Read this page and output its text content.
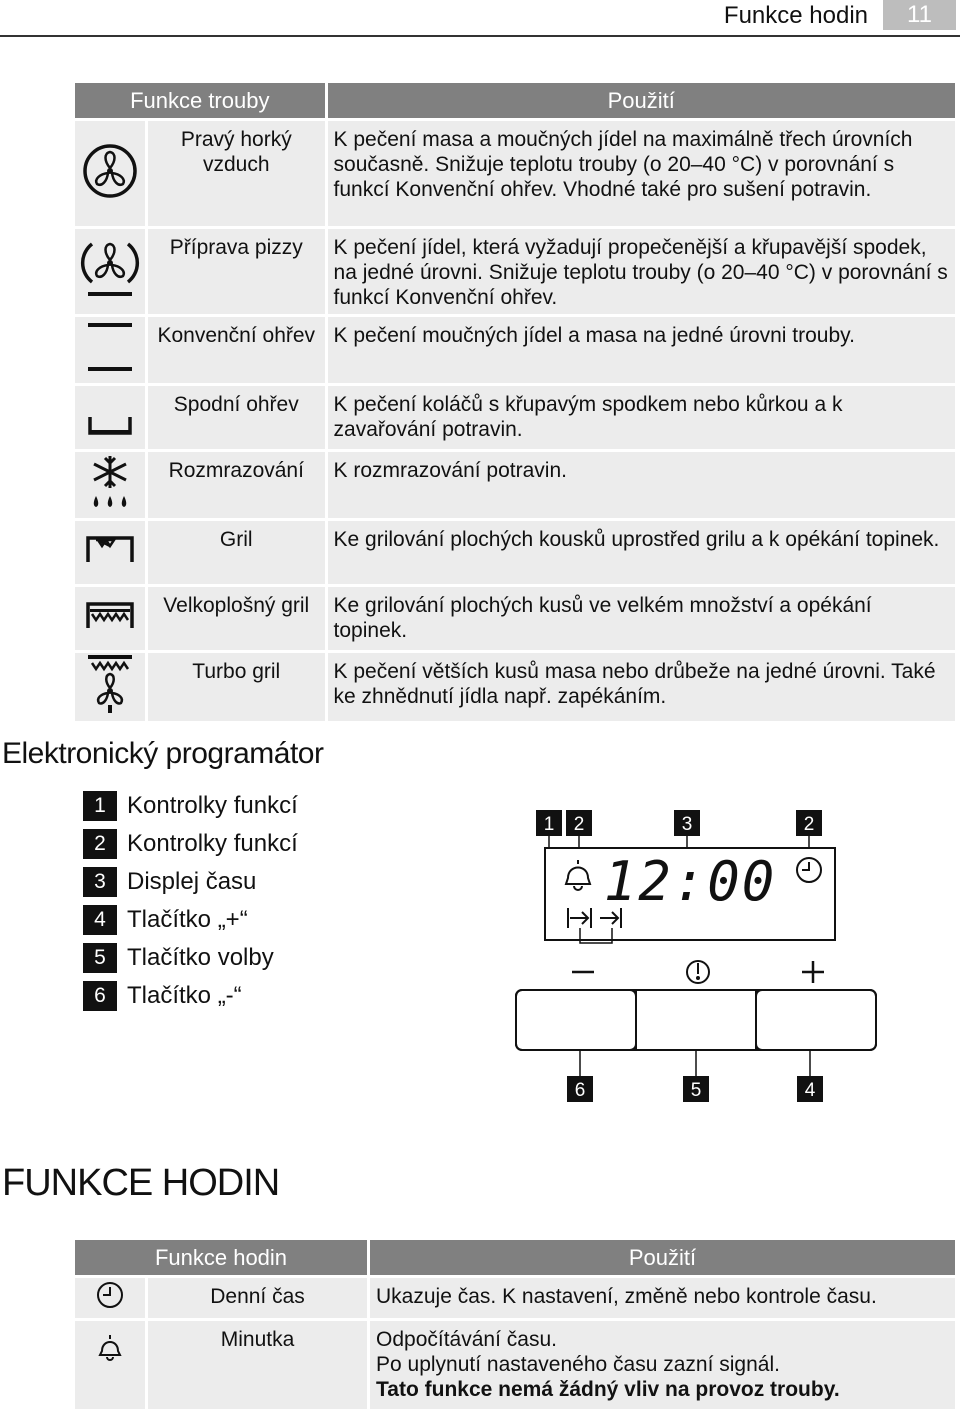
Funkce hodin	11
Funkce trouby		Použití
	Pravý horký vzduch	K pečení masa a moučných jídel na maximálně třech úrovních současně. Snižuje teplotu trouby (o 20–40 °C) v porovnání s funkcí Konvenční ohřev. Vhodné také pro sušení potravin.
	Příprava pizzy	K pečení jídel, která vyžadují propečenější a křupavější spodek, na jedné úrovni. Snižuje teplotu trouby (o 20–40 °C) v porovnání s funkcí Konvenční ohřev.
	Konvenční ohřev	K pečení moučných jídel a masa na jedné úrovni trouby.
	Spodní ohřev	K pečení koláčů s křupavým spodkem nebo kůrkou a k zavařování potravin.
	Rozmrazování	K rozmrazování potravin.
	Gril	Ke grilování plochých kousků uprostřed grilu a k opékání topinek.
	Velkoplošný gril	Ke grilování plochých kusů ve velkém množství a opékání topinek.
	Turbo gril	K pečení větších kusů masa nebo drůbeže na jedné úrovni. Také ke zhnědnutí jídla např. zapékáním.
Elektronický programátor
1 Kontrolky funkcí
2 Kontrolky funkcí
3 Displej času
4 Tlačítko „+“
5 Tlačítko volby
6 Tlačítko „-“
1 2	3	2
12:00
6	5	4
FUNKCE HODIN
Funkce hodin		Použití
	Denní čas	Ukazuje čas. K nastavení, změně nebo kontrole času.
	Minutka	Odpočítávání času.
Po uplynutí nastaveného času zazní signál.
Tato funkce nemá žádný vliv na provoz trouby.
